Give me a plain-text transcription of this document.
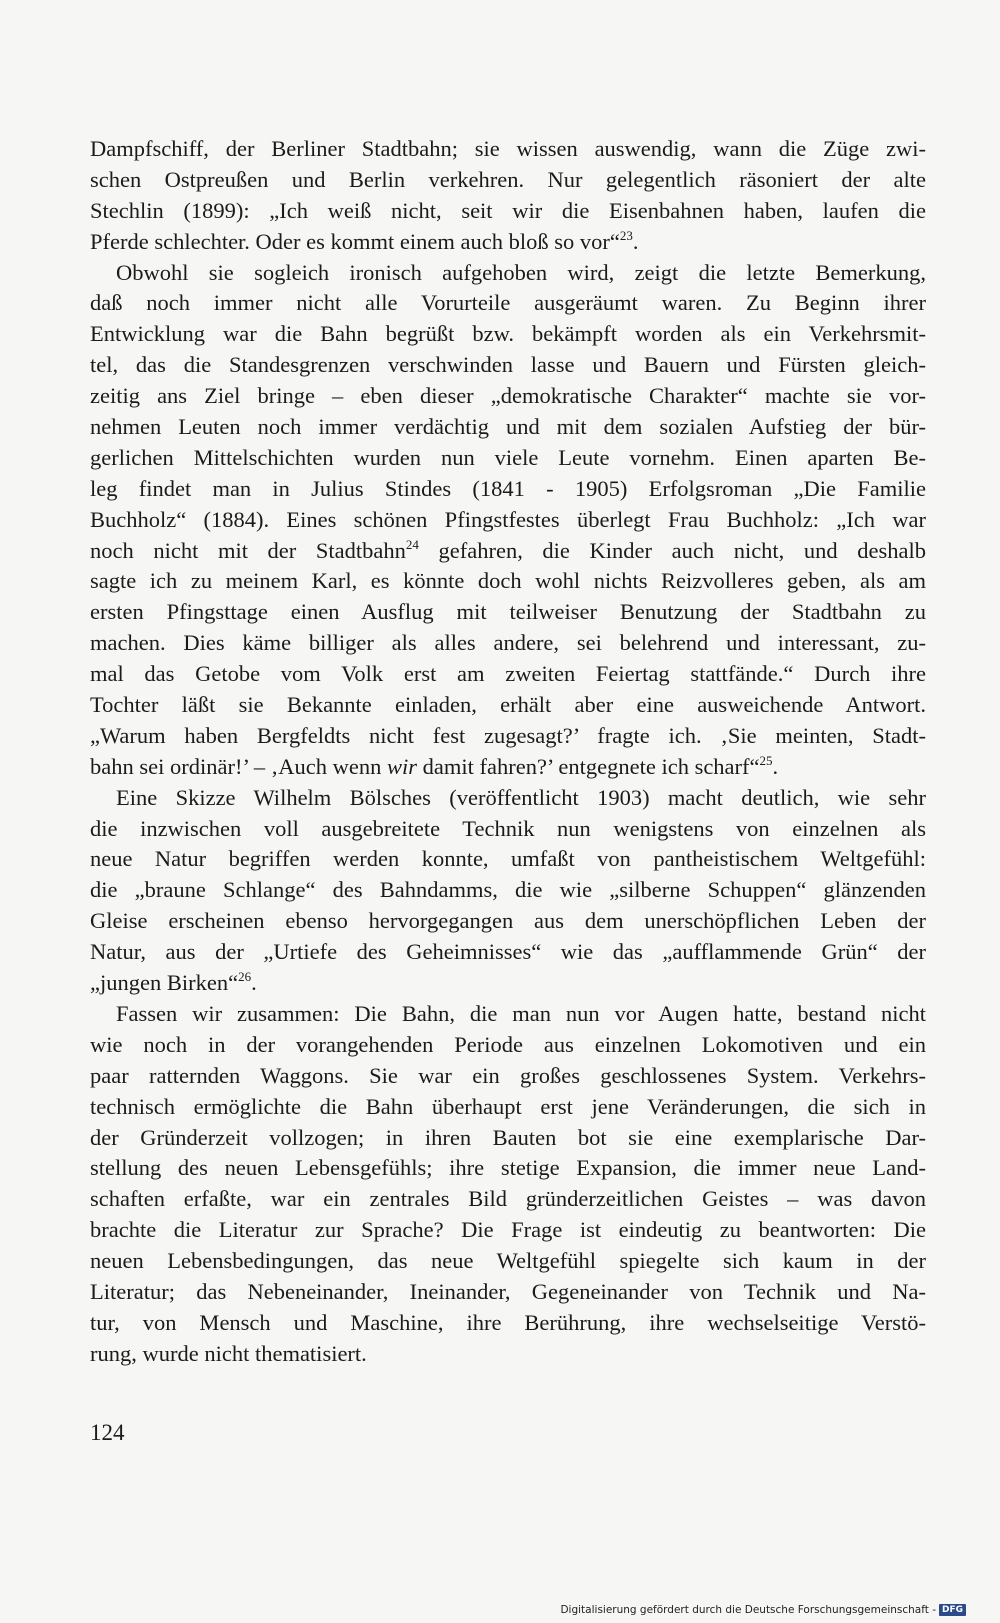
Dampfschiff, der Berliner Stadtbahn; sie wissen auswendig, wann die Züge zwi-
schen Ostpreußen und Berlin verkehren. Nur gelegentlich räsoniert der alte
Stechlin (1899): „Ich weiß nicht, seit wir die Eisenbahnen haben, laufen die
Pferde schlechter. Oder es kommt einem auch bloß so vor“$^{23}$.
Obwohl sie sogleich ironisch aufgehoben wird, zeigt die letzte Bemerkung,
daß noch immer nicht alle Vorurteile ausgeräumt waren. Zu Beginn ihrer
Entwicklung war die Bahn begrüßt bzw. bekämpft worden als ein Verkehrsmit-
tel, das die Standesgrenzen verschwinden lasse und Bauern und Fürsten gleich-
zeitig ans Ziel bringe – eben dieser „demokratische Charakter“ machte sie vor-
nehmen Leuten noch immer verdächtig und mit dem sozialen Aufstieg der bür-
gerlichen Mittelschichten wurden nun viele Leute vornehm. Einen aparten Be-
leg findet man in Julius Stindes (1841 - 1905) Erfolgsroman „Die Familie
Buchholz“ (1884). Eines schönen Pfingstfestes überlegt Frau Buchholz: „Ich war
noch nicht mit der Stadtbahn$^{24}$ gefahren, die Kinder auch nicht, und deshalb
sagte ich zu meinem Karl, es könnte doch wohl nichts Reizvolleres geben, als am
ersten Pfingsttage einen Ausflug mit teilweiser Benutzung der Stadtbahn zu
machen. Dies käme billiger als alles andere, sei belehrend und interessant, zu-
mal das Getobe vom Volk erst am zweiten Feiertag stattfände.“ Durch ihre
Tochter läßt sie Bekannte einladen, erhält aber eine ausweichende Antwort.
„Warum haben Bergfeldts nicht fest zugesagt?’ fragte ich. ‚Sie meinten, Stadt-
bahn sei ordinär!’ – ‚Auch wenn wir damit fahren?’ entgegnete ich scharf“$^{25}$.
Eine Skizze Wilhelm Bölsches (veröffentlicht 1903) macht deutlich, wie sehr
die inzwischen voll ausgebreitete Technik nun wenigstens von einzelnen als
neue Natur begriffen werden konnte, umfaßt von pantheistischem Weltgefühl:
die „braune Schlange“ des Bahndamms, die wie „silberne Schuppen“ glänzenden
Gleise erscheinen ebenso hervorgegangen aus dem unerschöpflichen Leben der
Natur, aus der „Urtiefe des Geheimnisses“ wie das „aufflammende Grün“ der
„jungen Birken“$^{26}$.
Fassen wir zusammen: Die Bahn, die man nun vor Augen hatte, bestand nicht
wie noch in der vorangehenden Periode aus einzelnen Lokomotiven und ein
paar ratternden Waggons. Sie war ein großes geschlossenes System. Verkehrs-
technisch ermöglichte die Bahn überhaupt erst jene Veränderungen, die sich in
der Gründerzeit vollzogen; in ihren Bauten bot sie eine exemplarische Dar-
stellung des neuen Lebensgefühls; ihre stetige Expansion, die immer neue Land-
schaften erfaßte, war ein zentrales Bild gründerzeitlichen Geistes – was davon
brachte die Literatur zur Sprache? Die Frage ist eindeutig zu beantworten: Die
neuen Lebensbedingungen, das neue Weltgefühl spiegelte sich kaum in der
Literatur; das Nebeneinander, Ineinander, Gegeneinander von Technik und Na-
tur, von Mensch und Maschine, ihre Berührung, ihre wechselseitige Verstö-
rung, wurde nicht thematisiert.
124
Digitalisierung gefördert durch die Deutsche Forschungsgemeinschaft - DFG
